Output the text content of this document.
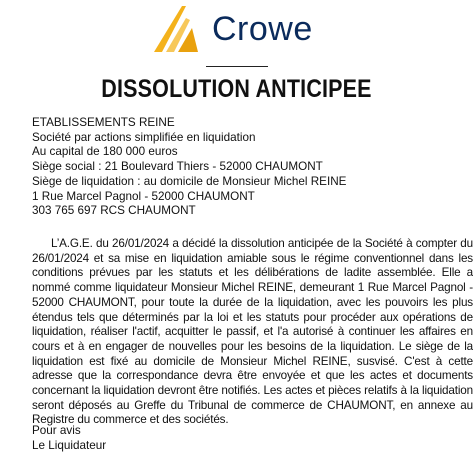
Crowe
DISSOLUTION ANTICIPEE
ETABLISSEMENTS REINE
Société par actions simplifiée en liquidation
Au capital de 180 000 euros
Siège social : 21 Boulevard Thiers - 52000 CHAUMONT
Siège de liquidation : au domicile de Monsieur Michel REINE
1 Rue Marcel Pagnol - 52000 CHAUMONT
303 765 697 RCS CHAUMONT
L’A.G.E. du 26/01/2024 a décidé la dissolution anticipée de la Société à compter du 26/01/2024 et sa mise en liquidation amiable sous le régime conventionnel dans les conditions prévues par les statuts et les délibérations de ladite assemblée. Elle a nommé comme liquidateur Monsieur Michel REINE, demeurant 1 Rue Marcel Pagnol - 52000 CHAUMONT, pour toute la durée de la liquidation, avec les pouvoirs les plus étendus tels que déterminés par la loi et les statuts pour procéder aux opérations de liquidation, réaliser l'actif, acquitter le passif, et l'a autorisé à continuer les affaires en cours et à en engager de nouvelles pour les besoins de la liquidation. Le siège de la liquidation est fixé au domicile de Monsieur Michel REINE, susvisé. C'est à cette adresse que la correspondance devra être envoyée et que les actes et documents concernant la liquidation devront être notifiés. Les actes et pièces relatifs à la liquidation seront déposés au Greffe du Tribunal de commerce de CHAUMONT, en annexe au Registre du commerce et des sociétés.
Pour avis
Le Liquidateur
